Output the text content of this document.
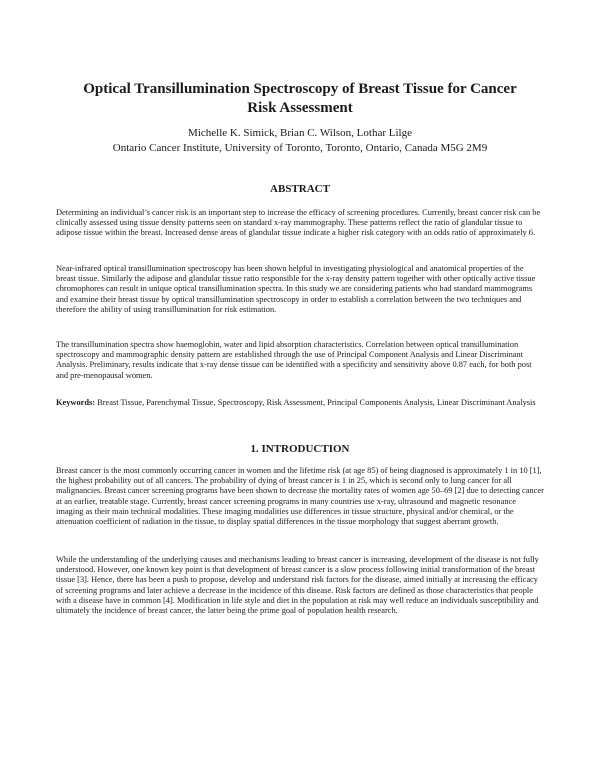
Optical Transillumination Spectroscopy of Breast Tissue for Cancer
Risk Assessment
Michelle K. Simick, Brian C. Wilson, Lothar Lilge
Ontario Cancer Institute, University of Toronto, Toronto, Ontario, Canada M5G 2M9
ABSTRACT
Determining an individual’s cancer risk is an important step to increase the efficacy of screening procedures. Currently, breast cancer risk can be clinically assessed using tissue density patterns seen on standard x-ray mammography. These patterns reflect the ratio of glandular tissue to adipose tissue within the breast. Increased dense areas of glandular tissue indicate a higher risk category with an odds ratio of approximately 6.
Near-infrared optical transillumination spectroscopy has been shown helpful in investigating physiological and anatomical properties of the breast tissue. Similarly the adipose and glandular tissue ratio responsible for the x-ray density pattern together with other optically active tissue chromophores can result in unique optical transillumination spectra. In this study we are considering patients who had standard mammograms and examine their breast tissue by optical transillumination spectroscopy in order to establish a correlation between the two techniques and therefore the ability of using transillumination for risk estimation.
The transillumination spectra show haemoglobin, water and lipid absorption characteristics. Correlation between optical transillumination spectroscopy and mammographic density pattern are established through the use of Principal Component Analysis and Linear Discriminant Analysis. Preliminary, results indicate that x-ray dense tissue can be identified with a specificity and sensitivity above 0.87 each, for both post and pre-menopausal women.
Keywords: Breast Tissue, Parenchymal Tissue, Spectroscopy, Risk Assessment, Principal Components Analysis, Linear Discriminant Analysis
1. INTRODUCTION
Breast cancer is the most commonly occurring cancer in women and the lifetime risk (at age 85) of being diagnosed is approximately 1 in 10 [1], the highest probability out of all cancers. The probability of dying of breast cancer is 1 in 25, which is second only to lung cancer for all malignancies. Breast cancer screening programs have been shown to decrease the mortality rates of women age 50–69 [2] due to detecting cancer at an earlier, treatable stage. Currently, breast cancer screening programs in many countries use x-ray, ultrasound and magnetic resonance imaging as their main technical modalities. These imaging modalities use differences in tissue structure, physical and/or chemical, or the attenuation coefficient of radiation in the tissue, to display spatial differences in the tissue morphology that suggest aberrant growth.
While the understanding of the underlying causes and mechanisms leading to breast cancer is increasing, development of the disease is not fully understood. However, one known key point is that development of breast cancer is a slow process following initial transformation of the breast tissue [3]. Hence, there has been a push to propose, develop and understand risk factors for the disease, aimed initially at increasing the efficacy of screening programs and later achieve a decrease in the incidence of this disease. Risk factors are defined as those characteristics that people with a disease have in common [4]. Modification in life style and diet in the population at risk may well reduce an individuals susceptibility and ultimately the incidence of breast cancer, the latter being the prime goal of population health research.
